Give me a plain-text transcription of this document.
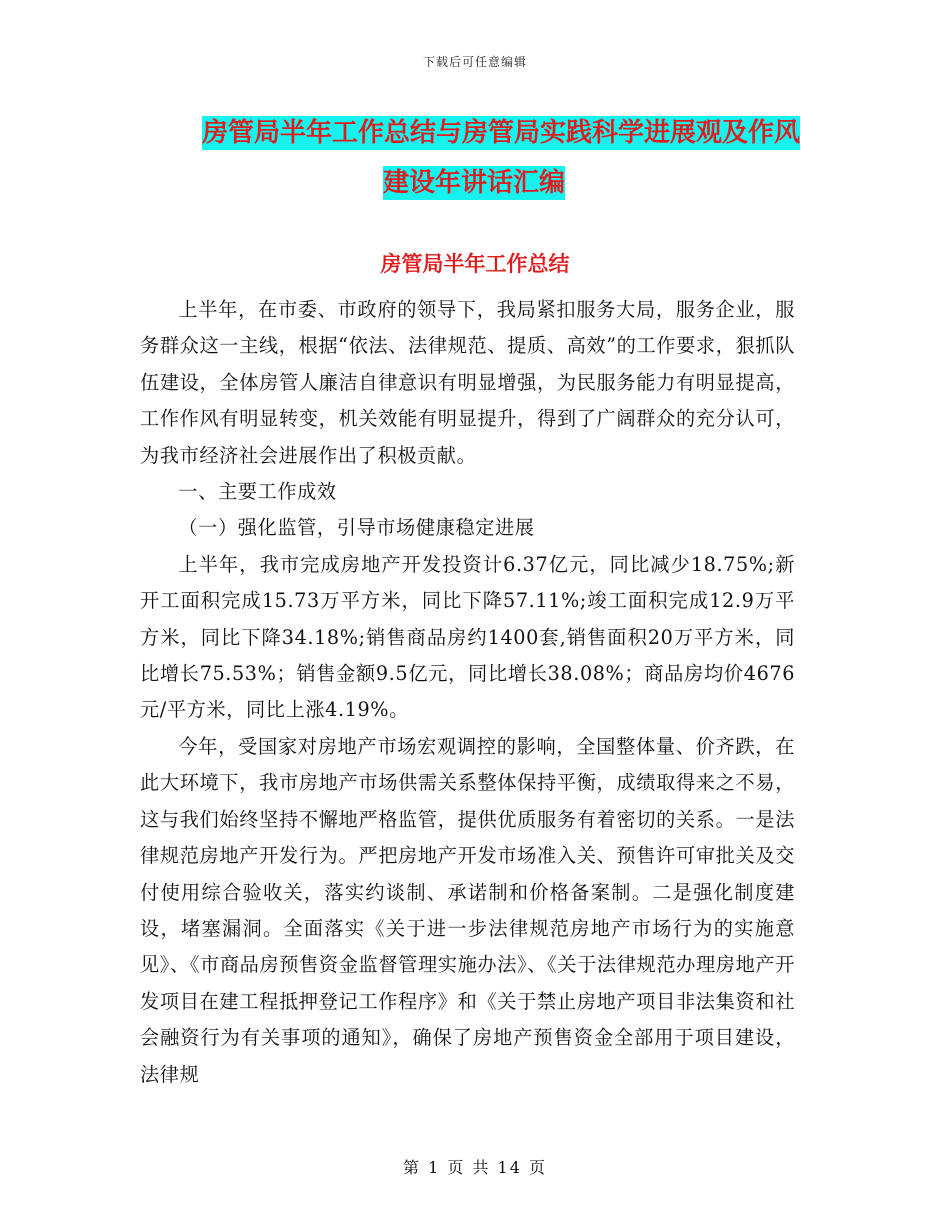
下载后可任意编辑
房管局半年工作总结与房管局实践科学进展观及作风
建设年讲话汇编
房管局半年工作总结

上半年，在市委、市政府的领导下，我局紧扣服务大局，服务企业，服务群众这一主线，根据“依法、法律规范、提质、高效”的工作要求，狠抓队伍建设，全体房管人廉洁自律意识有明显增强，为民服务能力有明显提高，工作作风有明显转变，机关效能有明显提升，得到了广阔群众的充分认可，为我市经济社会进展作出了积极贡献。

一、主要工作成效

（一）强化监管，引导市场健康稳定进展

上半年，我市完成房地产开发投资计6.37亿元，同比减少18.75%;新开工面积完成15.73万平方米，同比下降57.11%;竣工面积完成12.9万平方米，同比下降34.18%;销售商品房约1400套,销售面积20万平方米，同比增长75.53%；销售金额9.5亿元，同比增长38.08%；商品房均价4676元/平方米，同比上涨4.19%。

今年，受国家对房地产市场宏观调控的影响，全国整体量、价齐跌，在此大环境下，我市房地产市场供需关系整体保持平衡，成绩取得来之不易，这与我们始终坚持不懈地严格监管，提供优质服务有着密切的关系。一是法律规范房地产开发行为。严把房地产开发市场准入关、预售许可审批关及交付使用综合验收关，落实约谈制、承诺制和价格备案制。二是强化制度建设，堵塞漏洞。全面落实《关于进一步法律规范房地产市场行为的实施意见》、《市商品房预售资金监督管理实施办法》、《关于法律规范办理房地产开发项目在建工程抵押登记工作程序》和《关于禁止房地产项目非法集资和社会融资行为有关事项的通知》，确保了房地产预售资金全部用于项目建设，法律规

第 1 页 共 14 页
